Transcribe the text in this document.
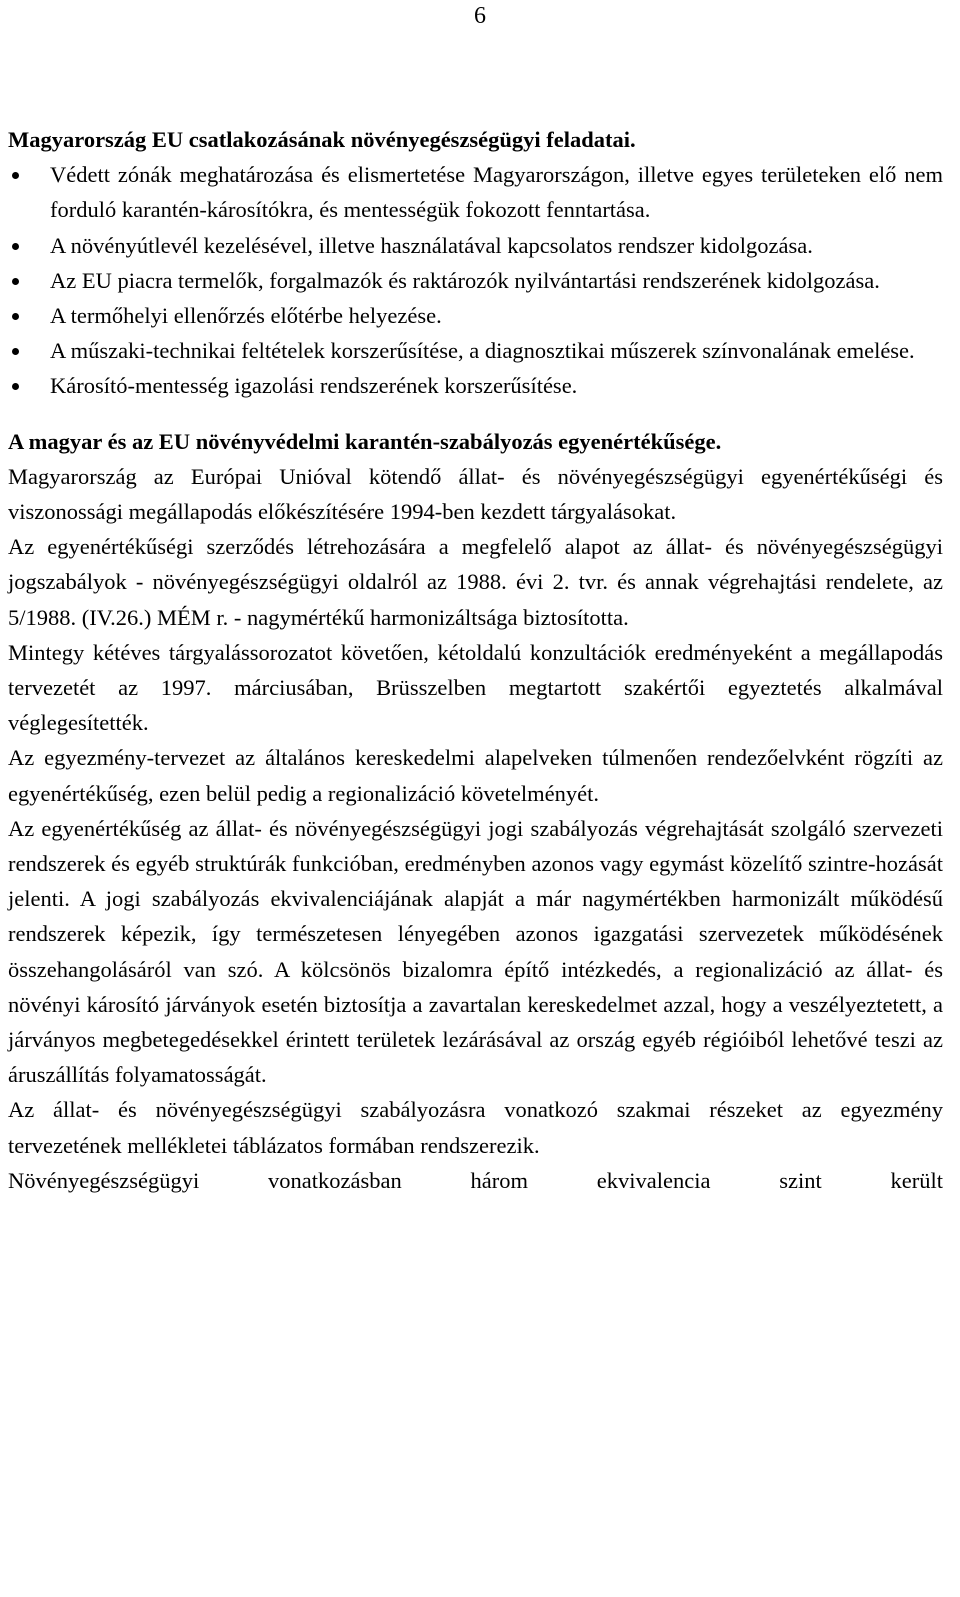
6
Magyarország EU csatlakozásának növényegészségügyi feladatai.
Védett zónák meghatározása és elismertetése Magyarországon, illetve egyes területeken elő nem forduló karantén-károsítókra, és mentességük fokozott fenntartása.
A növényútlevél kezelésével, illetve használatával kapcsolatos rendszer kidolgozása.
Az EU piacra termelők, forgalmazók és raktározók nyilvántartási rendszerének kidolgozása.
A termőhelyi ellenőrzés előtérbe helyezése.
A műszaki-technikai feltételek korszerűsítése, a diagnosztikai műszerek színvonalának emelése.
Károsító-mentesség igazolási rendszerének korszerűsítése.
A magyar és az EU növényvédelmi karantén-szabályozás egyenértékűsége.

Magyarország az Európai Unióval kötendő állat- és növényegészségügyi egyenértékűségi és viszonossági megállapodás előkészítésére 1994-ben kezdett tárgyalásokat.

Az egyenértékűségi szerződés létrehozására a megfelelő alapot az állat- és növényegészségügyi jogszabályok - növényegészségügyi oldalról az 1988. évi 2. tvr. és annak végrehajtási rendelete, az 5/1988. (IV.26.) MÉM r. - nagymértékű harmonizáltsága biztosította.

Mintegy kétéves tárgyalássorozatot követően, kétoldalú konzultációk eredményeként a megállapodás tervezetét az 1997. márciusában, Brüsszelben megtartott szakértői egyeztetés alkalmával véglegesítették.

Az egyezmény-tervezet az általános kereskedelmi alapelveken túlmenően rendezőelvként rögzíti az egyenértékűség, ezen belül pedig a regionalizáció követelményét.

Az egyenértékűség az állat- és növényegészségügyi jogi szabályozás végrehajtását szolgáló szervezeti rendszerek és egyéb struktúrák funkcióban, eredményben azonos vagy egymást közelítő szintre-hozását jelenti. A jogi szabályozás ekvivalenciájának alapját a már nagymértékben harmonizált működésű rendszerek képezik, így természetesen lényegében azonos igazgatási szervezetek működésének összehangolásáról van szó. A kölcsönös bizalomra építő intézkedés, a regionalizáció az állat- és növényi károsító járványok esetén biztosítja a zavartalan kereskedelmet azzal, hogy a veszélyeztetett, a járványos megbetegedésekkel érintett területek lezárásával az ország egyéb régióiból lehetővé teszi az áruszállítás folyamatosságát.

Az állat- és növényegészségügyi szabályozásra vonatkozó szakmai részeket az egyezmény tervezetének mellékletei táblázatos formában rendszerezik.

Növényegészségügyi vonatkozásban három ekvivalencia szint került
